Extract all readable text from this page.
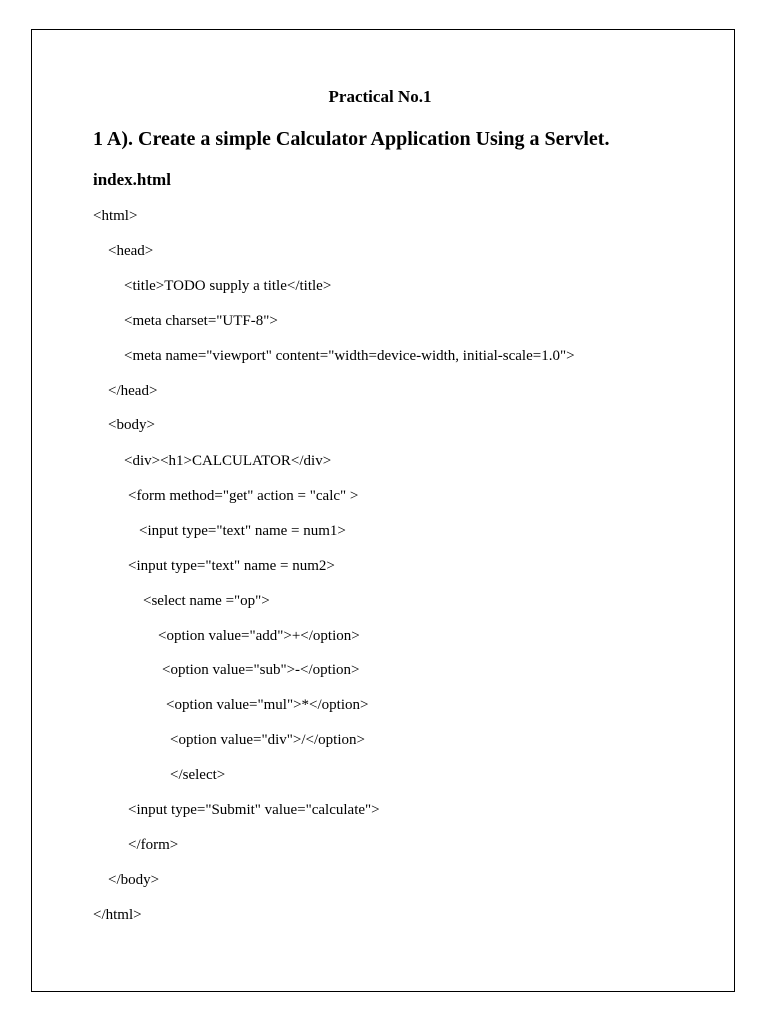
Practical No.1
1 A). Create a simple Calculator Application Using a Servlet.
index.html
<html>
<head>
<title>TODO supply a title</title>
<meta charset="UTF-8">
<meta name="viewport" content="width=device-width, initial-scale=1.0">
</head>
<body>
<div><h1>CALCULATOR</div>
<form method="get" action = "calc" >
<input type="text" name = num1>
<input type="text" name = num2>
<select name ="op">
<option value="add">+</option>
<option value="sub">-</option>
<option value="mul">*</option>
<option value="div">/</option>
</select>
<input type="Submit" value="calculate">
</form>
</body>
</html>
